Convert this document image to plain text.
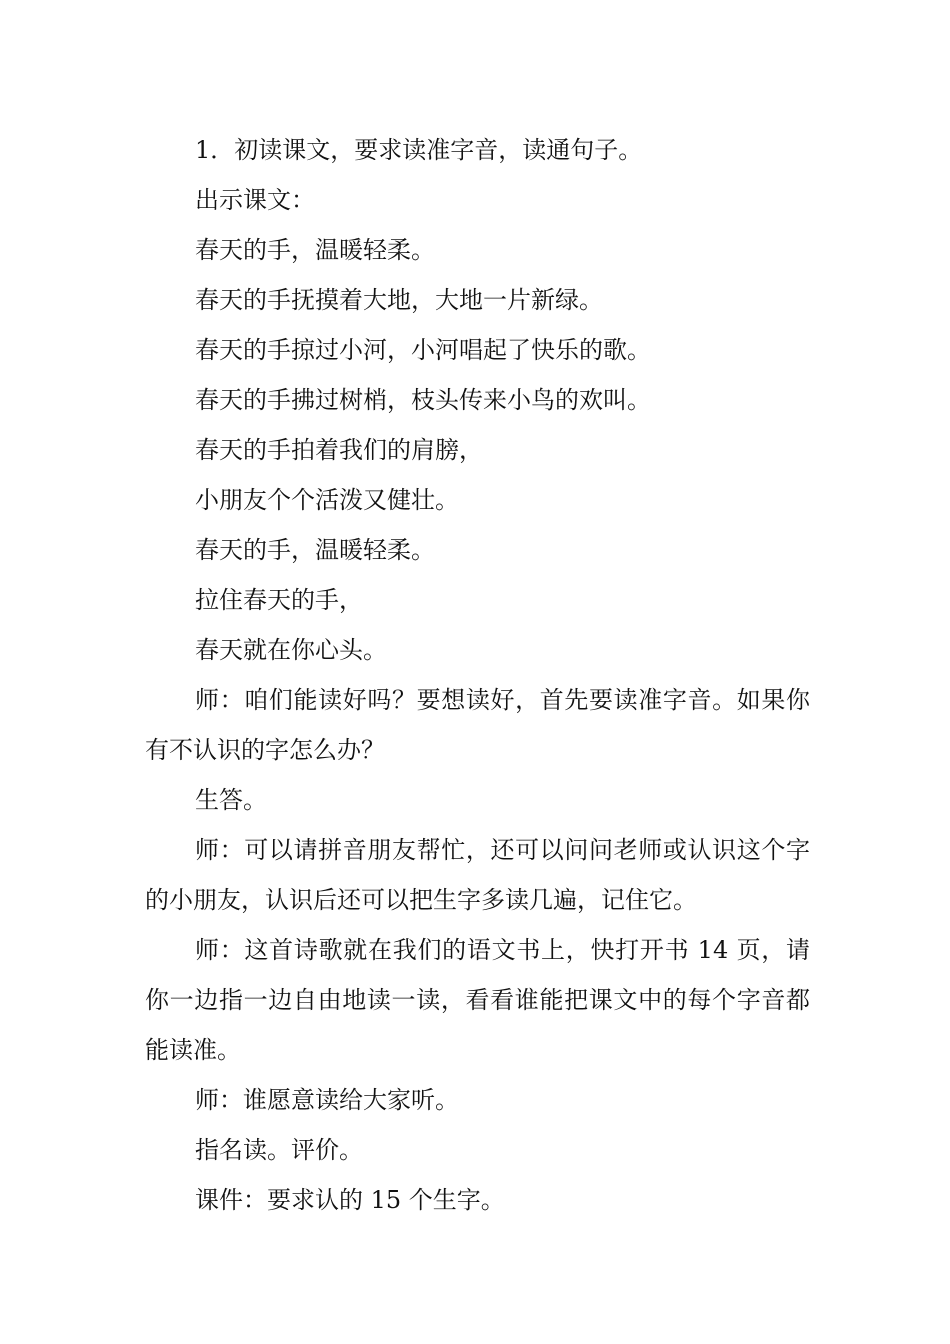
1．初读课文，要求读准字音，读通句子。

出示课文：

春天的手，温暖轻柔。

春天的手抚摸着大地，大地一片新绿。

春天的手掠过小河，小河唱起了快乐的歌。

春天的手拂过树梢，枝头传来小鸟的欢叫。

春天的手拍着我们的肩膀，

小朋友个个活泼又健壮。

春天的手，温暖轻柔。

拉住春天的手，

春天就在你心头。

师：咱们能读好吗？要想读好，首先要读准字音。如果你有不认识的字怎么办？

生答。

师：可以请拼音朋友帮忙，还可以问问老师或认识这个字的小朋友，认识后还可以把生字多读几遍，记住它。

师：这首诗歌就在我们的语文书上，快打开书 14 页，请你一边指一边自由地读一读，看看谁能把课文中的每个字音都能读准。

师：谁愿意读给大家听。

指名读。评价。

课件：要求认的 15 个生字。
